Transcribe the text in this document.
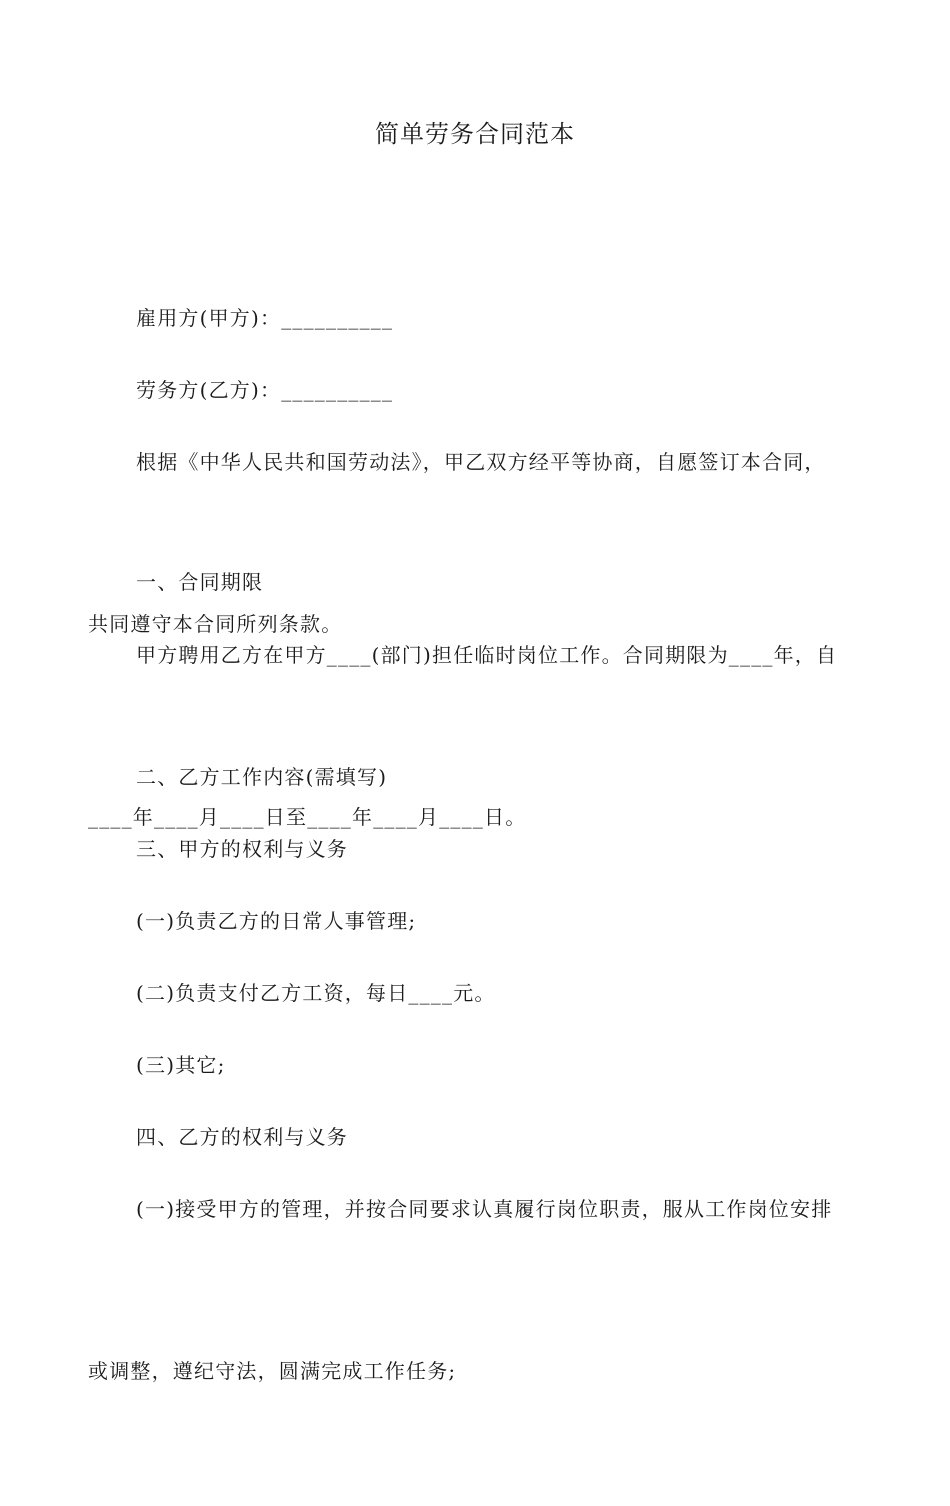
简单劳务合同范本

雇用方(甲方)：__________

劳务方(乙方)：__________

根据《中华人民共和国劳动法》，甲乙双方经平等协商，自愿签订本合同，

共同遵守本合同所列条款。

一、合同期限

甲方聘用乙方在甲方____(部门)担任临时岗位工作。合同期限为____年，自

____年____月____日至____年____月____日。

二、乙方工作内容(需填写)

三、甲方的权利与义务

(一)负责乙方的日常人事管理;

(二)负责支付乙方工资，每日____元。

(三)其它;

四、乙方的权利与义务

(一)接受甲方的管理，并按合同要求认真履行岗位职责，服从工作岗位安排

或调整，遵纪守法，圆满完成工作任务;
